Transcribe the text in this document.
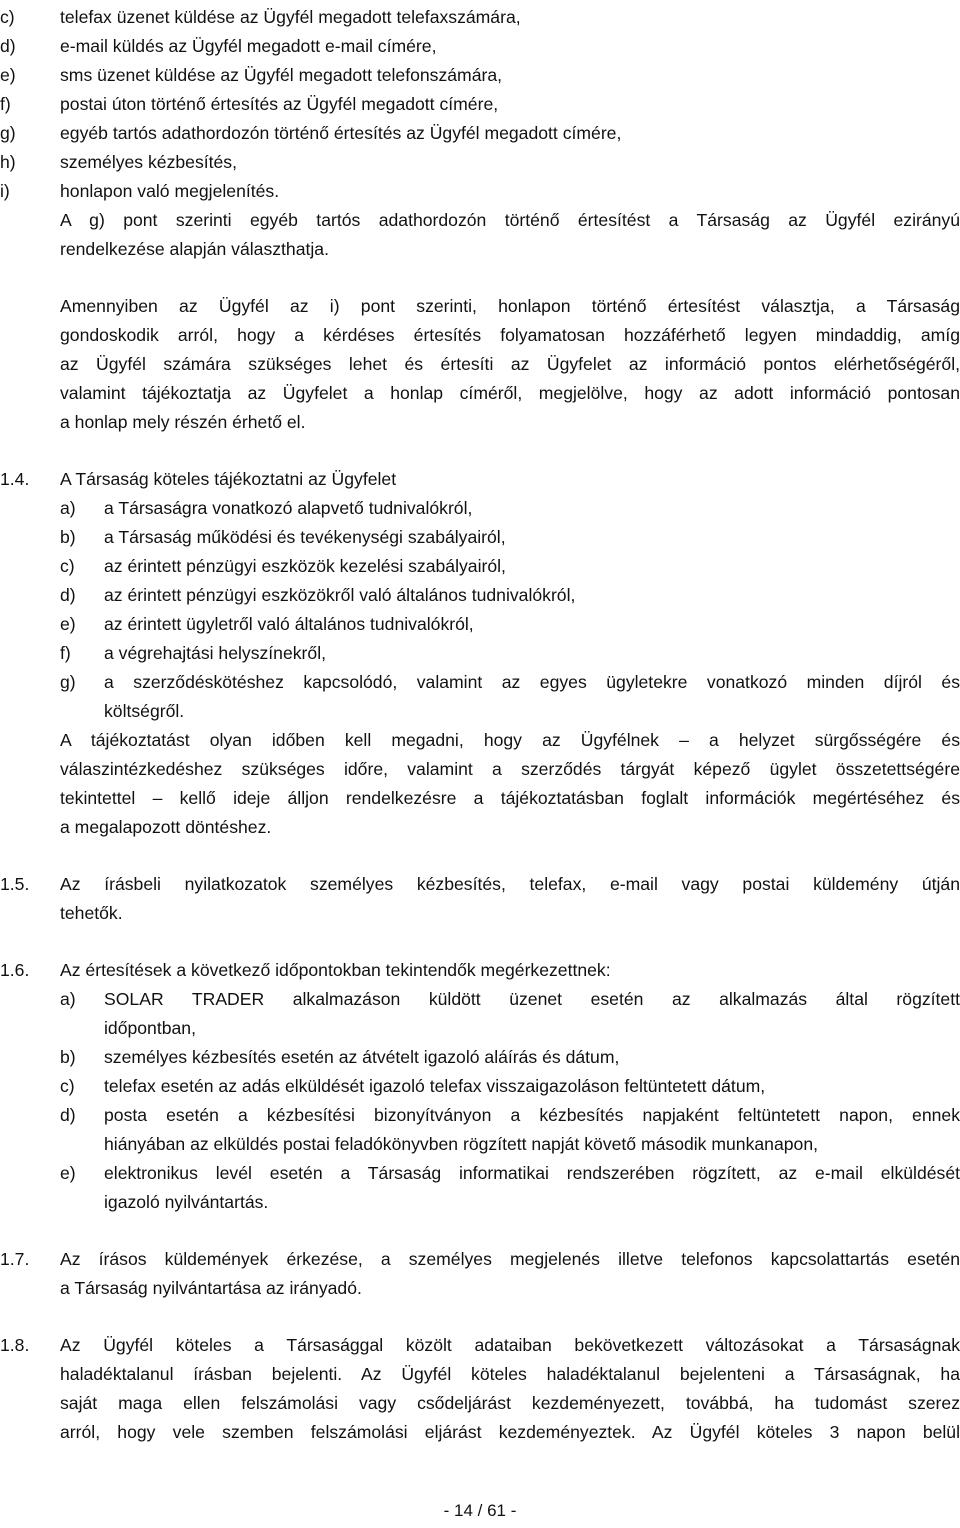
c)	telefax üzenet küldése az Ügyfél megadott telefaxszámára,
d)	e-mail küldés az Ügyfél megadott e-mail címére,
e)	sms üzenet küldése az Ügyfél megadott telefonszámára,
f)	postai úton történő értesítés az Ügyfél megadott címére,
g)	egyéb tartós adathordozón történő értesítés az Ügyfél megadott címére,
h)	személyes kézbesítés,
i)	honlapon való megjelenítés.
A g) pont szerinti egyéb tartós adathordozón történő értesítést a Társaság az Ügyfél ezirányú
rendelkezése alapján választhatja.
Amennyiben az Ügyfél az i) pont szerinti, honlapon történő értesítést választja, a Társaság
gondoskodik arról, hogy a kérdéses értesítés folyamatosan hozzáférhető legyen mindaddig, amíg
az Ügyfél számára szükséges lehet és értesíti az Ügyfelet az információ pontos elérhetőségéről,
valamint tájékoztatja az Ügyfelet a honlap címéről, megjelölve, hogy az adott információ pontosan
a honlap mely részén érhető el.
1.4. A Társaság köteles tájékoztatni az Ügyfelet
a) a Társaságra vonatkozó alapvető tudnivalókról,
b) a Társaság működési és tevékenységi szabályairól,
c) az érintett pénzügyi eszközök kezelési szabályairól,
d) az érintett pénzügyi eszközökről való általános tudnivalókról,
e) az érintett ügyletről való általános tudnivalókról,
f) a végrehajtási helyszínekről,
g) a szerződéskötéshez kapcsolódó, valamint az egyes ügyletekre vonatkozó minden díjról és
költségről.
A tájékoztatást olyan időben kell megadni, hogy az Ügyfélnek – a helyzet sürgősségére és
válaszintézkedéshez szükséges időre, valamint a szerződés tárgyát képező ügylet összetettségére
tekintettel – kellő ideje álljon rendelkezésre a tájékoztatásban foglalt információk megértéséhez és
a megalapozott döntéshez.
1.5. Az írásbeli nyilatkozatok személyes kézbesítés, telefax, e-mail vagy postai küldemény útján
tehetők.
1.6. Az értesítések a következő időpontokban tekintendők megérkezettnek:
a) SOLAR TRADER alkalmazáson küldött üzenet esetén az alkalmazás által rögzített
időpontban,
b) személyes kézbesítés esetén az átvételt igazoló aláírás és dátum,
c) telefax esetén az adás elküldését igazoló telefax visszaigazoláson feltüntetett dátum,
d) posta esetén a kézbesítési bizonyítványon a kézbesítés napjaként feltüntetett napon, ennek
hiányában az elküldés postai feladókönyvben rögzített napját követő második munkanapon,
e) elektronikus levél esetén a Társaság informatikai rendszerében rögzített, az e-mail elküldését
igazoló nyilvántartás.
1.7. Az írásos küldemények érkezése, a személyes megjelenés illetve telefonos kapcsolattartás esetén
a Társaság nyilvántartása az irányadó.
1.8. Az Ügyfél köteles a Társasággal közölt adataiban bekövetkezett változásokat a Társaságnak
haladéktalanul írásban bejelenti. Az Ügyfél köteles haladéktalanul bejelenteni a Társaságnak, ha
saját maga ellen felszámolási vagy csődeljárást kezdeményezett, továbbá, ha tudomást szerez
arról, hogy vele szemben felszámolási eljárást kezdeményeztek. Az Ügyfél köteles 3 napon belül
- 14 / 61 -
